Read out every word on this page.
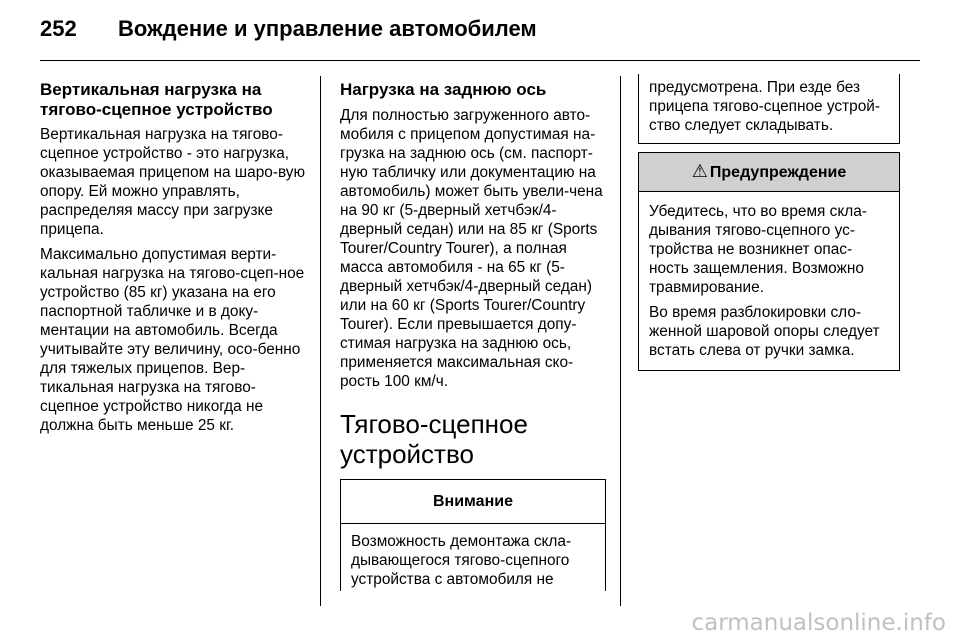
252 Вождение и управление автомобилем

Вертикальная нагрузка на тягово-сцепное устройство

Вертикальная нагрузка на тягово-сцепное устройство - это нагрузка, оказываемая прицепом на шаро-вую опору. Ей можно управлять, распределяя массу при загрузке прицепа.

Максимально допустимая верти-кальная нагрузка на тягово-сцеп-ное устройство (85 кг) указана на его паспортной табличке и в доку-ментации на автомобиль. Всегда учитывайте эту величину, осо-бенно для тяжелых прицепов. Вер-тикальная нагрузка на тягово-сцепное устройство никогда не должна быть меньше 25 кг.

Нагрузка на заднюю ось

Для полностью загруженного авто-мобиля с прицепом допустимая на-грузка на заднюю ось (см. паспорт-ную табличку или документацию на автомобиль) может быть увели-чена на 90 кг (5-дверный хетчбэк/4-дверный седан) или на 85 кг (Sports Tourer/Country Tourer), а полная масса автомобиля - на 65 кг (5-дверный хетчбэк/4-дверный седан) или на 60 кг (Sports Tourer/Country Tourer). Если превышается допу-стимая нагрузка на заднюю ось, применяется максимальная ско-рость 100 км/ч.

Тягово-сцепное устройство
Внимание
Возможность демонтажа скла-дывающегося тягово-сцепного устройства с автомобиля не
предусмотрена. При езде без прицепа тягово-сцепное устрой-ство следует складывать.
⚠ Предупреждение

Убедитесь, что во время скла-дывания тягово-сцепного ус-тройства не возникнет опас-ность защемления. Возможно травмирование.

Во время разблокировки сло-женной шаровой опоры следует встать слева от ручки замка.

carmanualsonline.info
